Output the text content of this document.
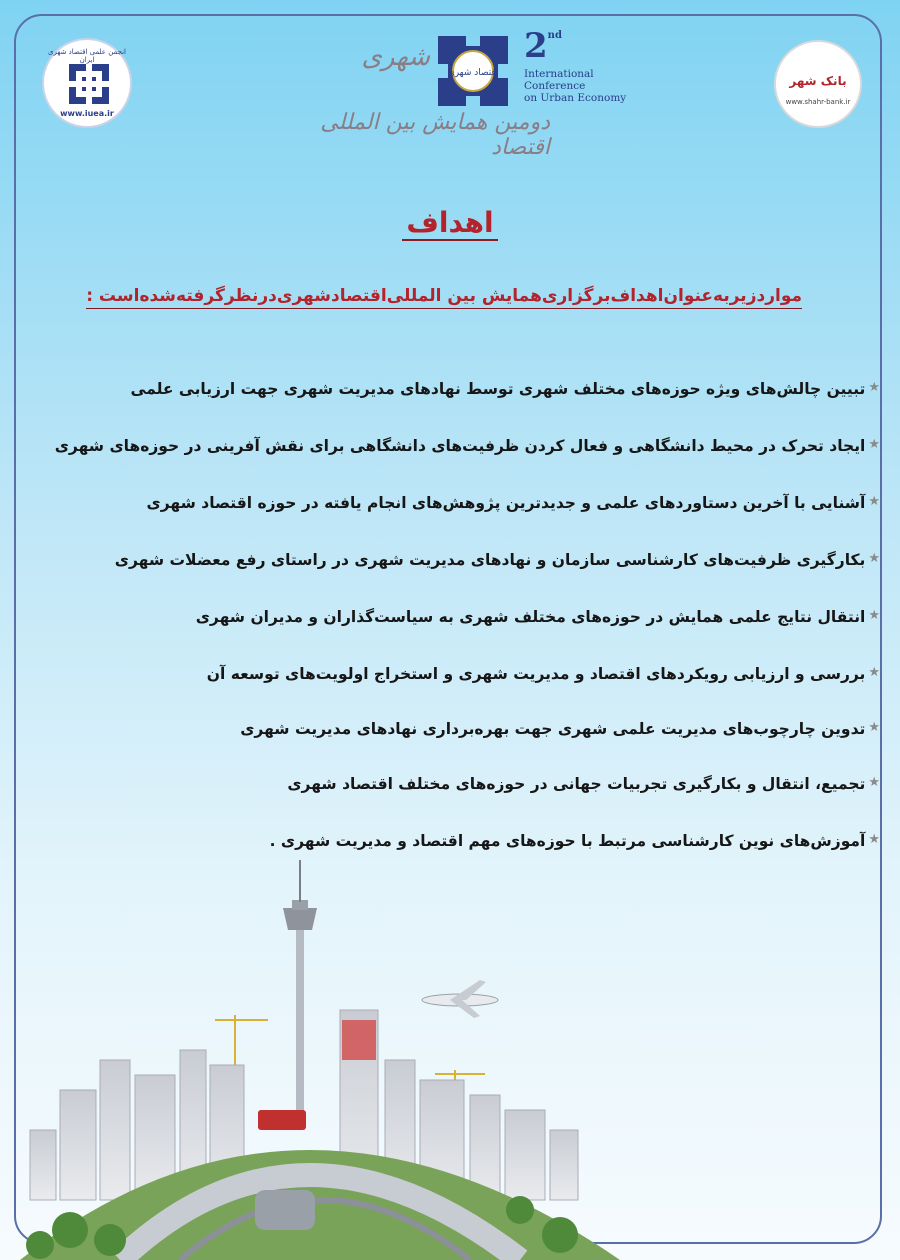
انجمن علمی اقتصاد شهری ایران
www.iuea.ir
اقتصاد شهری
2nd
International
Conference
on Urban Economy
شهری
دومین همایش بین المللی اقتصاد
بانک شهر
www.shahr-bank.ir
اهداف
مواردزیربه‌عنوان‌اهداف‌برگزاری‌همایش بین المللی‌اقتصادشهری‌درنظرگرفته‌شده‌است :
★تبیین چالش‌های ویژه حوزه‌های مختلف شهری توسط نهادهای مدیریت شهری جهت ارزیابی علمی
★ایجاد تحرک در محیط دانشگاهی و فعال کردن ظرفیت‌های دانشگاهی برای نقش آفرینی در حوزه‌های شهری
★آشنایی با آخرین دستاوردهای علمی و جدیدترین پژوهش‌های انجام یافته در حوزه اقتصاد شهری
★بکارگیری ظرفیت‌های کارشناسی سازمان و نهادهای مدیریت شهری در راستای رفع معضلات شهری
★انتقال نتایج علمی همایش در حوزه‌های مختلف شهری به سیاست‌گذاران و مدیران شهری
★بررسی و ارزیابی رویکردهای اقتصاد و مدیریت شهری و استخراج اولویت‌های توسعه آن
★تدوین چارچوب‌های مدیریت علمی شهری جهت بهره‌برداری نهادهای مدیریت شهری
★تجمیع، انتقال و بکارگیری تجربیات جهانی در حوزه‌های مختلف اقتصاد شهری
★آموزش‌های نوین کارشناسی مرتبط با حوزه‌های مهم اقتصاد و مدیریت شهری .
